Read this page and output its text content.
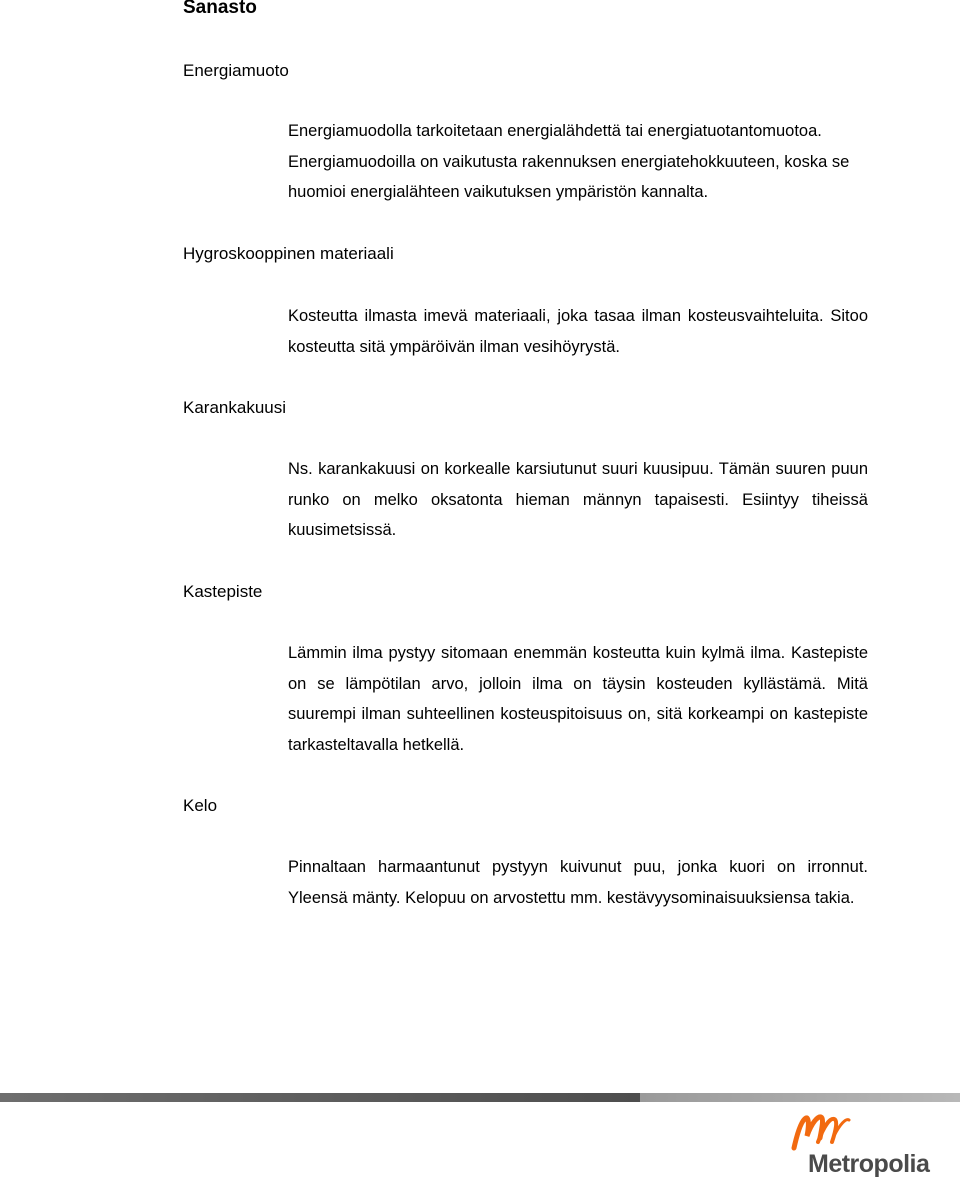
Sanasto
Energiamuoto

Energiamuodolla tarkoitetaan energialähdettä tai energiatuotantomuotoa. Energiamuodoilla on vaikutusta rakennuksen energiatehokkuuteen, koska se huomioi energialähteen vaikutuksen ympäristön kannalta.

Hygroskooppinen materiaali

Kosteutta ilmasta imevä materiaali, joka tasaa ilman kosteusvaihteluita. Sitoo kosteutta sitä ympäröivän ilman vesihöyrystä.

Karankakuusi

Ns. karankakuusi on korkealle karsiutunut suuri kuusipuu. Tämän suuren puun runko on melko oksatonta hieman männyn tapaisesti. Esiintyy tiheissä kuusimetsissä.

Kastepiste

Lämmin ilma pystyy sitomaan enemmän kosteutta kuin kylmä ilma. Kastepiste on se lämpötilan arvo, jolloin ilma on täysin kosteuden kyllästämä. Mitä suurempi ilman suhteellinen kosteuspitoisuus on, sitä korkeampi on kastepiste tarkasteltavalla hetkellä.

Kelo

Pinnaltaan harmaantunut pystyyn kuivunut puu, jonka kuori on irronnut. Yleensä mänty. Kelopuu on arvostettu mm. kestävyysominaisuuksiensa takia.

Metropolia
